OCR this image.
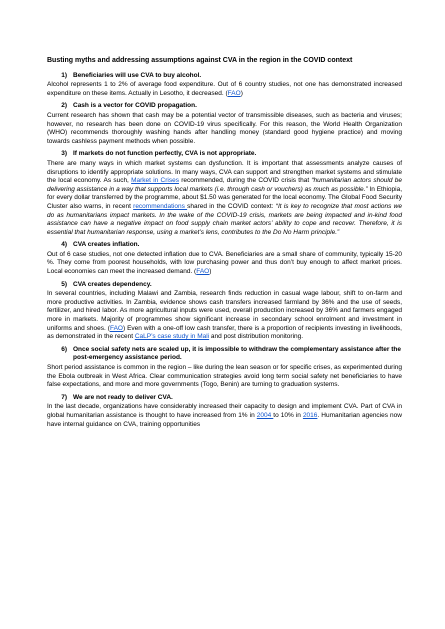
Busting myths and addressing assumptions against CVA in the region in the COVID context
1) Beneficiaries will use CVA to buy alcohol.

Alcohol represents 1 to 2% of average food expenditure. Out of 6 country studies, not one has demonstrated increased expenditure on these items. Actually in Lesotho, it decreased. (FAO)

2) Cash is a vector for COVID propagation.

Current research has shown that cash may be a potential vector of transmissible diseases, such as bacteria and viruses; however, no research has been done on COVID-19 virus specifically. For this reason, the World Health Organization (WHO) recommends thoroughly washing hands after handling money (standard good hygiene practice) and moving towards cashless payment methods when possible.

3) If markets do not function perfectly, CVA is not appropriate.

There are many ways in which market systems can dysfunction. It is important that assessments analyze causes of disruptions to identify appropriate solutions. In many ways, CVA can support and strengthen market systems and stimulate the local economy. As such, Market in Crises recommended, during the COVID crisis that “humanitarian actors should be delivering assistance in a way that supports local markets (i.e. through cash or vouchers) as much as possible.” In Ethiopia, for every dollar transferred by the programme, about $1.50 was generated for the local economy. The Global Food Security Cluster also warns, in recent recommendations shared in the COVID context: “It is key to recognize that most actions we do as humanitarians impact markets. In the wake of the COVID-19 crisis, markets are being impacted and in-kind food assistance can have a negative impact on food supply chain market actors’ ability to cope and recover. Therefore, it is essential that humanitarian response, using a market’s lens, contributes to the Do No Harm principle.”

4) CVA creates inflation.

Out of 6 case studies, not one detected inflation due to CVA. Beneficiaries are a small share of community, typically 15-20 %. They come from poorest households, with low purchasing power and thus don’t buy enough to affect market prices. Local economies can meet the increased demand. (FAO)

5) CVA creates dependency.

In several countries, including Malawi and Zambia, research finds reduction in casual wage labour, shift to on-farm and more productive activities. In Zambia, evidence shows cash transfers increased farmland by 36% and the use of seeds, fertilizer, and hired labor. As more agricultural inputs were used, overall production increased by 36% and farmers engaged more in markets. Majority of programmes show significant increase in secondary school enrolment and investment in uniforms and shoes. (FAO) Even with a one-off low cash transfer, there is a proportion of recipients investing in livelihoods, as demonstrated in the recent CaLP’s case study in Mali and post distribution monitoring.

6) Once social safety nets are scaled up, it is impossible to withdraw the complementary assistance after the post-emergency assistance period.

Short period assistance is common in the region – like during the lean season or for specific crises, as experimented during the Ebola outbreak in West Africa. Clear communication strategies avoid long term social safety net beneficiaries to have false expectations, and more and more governments (Togo, Benin) are turning to graduation systems.

7) We are not ready to deliver CVA.

In the last decade, organizations have considerably increased their capacity to design and implement CVA. Part of CVA in global humanitarian assistance is thought to have increased from 1% in 2004 to 10% in 2016. Humanitarian agencies now have internal guidance on CVA, training opportunities
